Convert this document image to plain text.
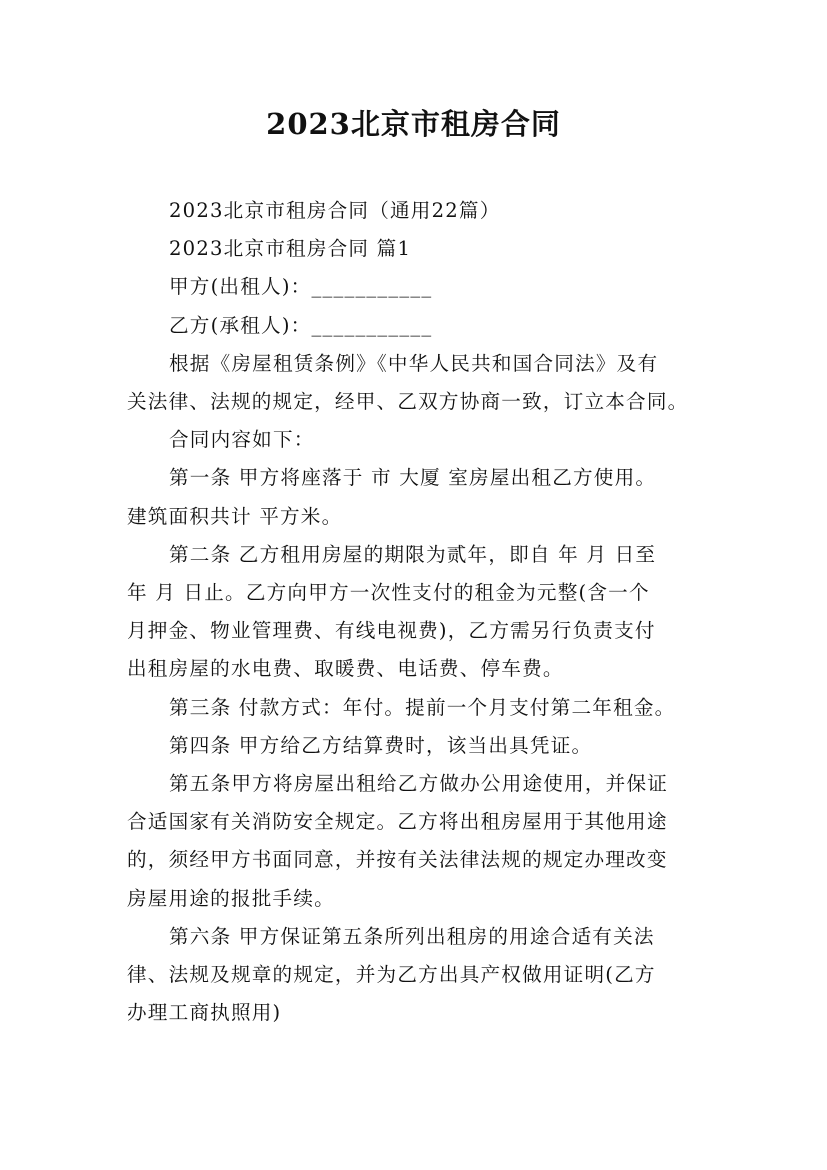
2023北京市租房合同

2023北京市租房合同（通用22篇）

2023北京市租房合同 篇1

甲方(出租人)：___________

乙方(承租人)：___________

根据《房屋租赁条例》《中华人民共和国合同法》及有

关法律、法规的规定，经甲、乙双方协商一致，订立本合同。

合同内容如下：

第一条 甲方将座落于 市 大厦 室房屋出租乙方使用。

建筑面积共计 平方米。

第二条 乙方租用房屋的期限为贰年，即自 年 月 日至

年 月 日止。乙方向甲方一次性支付的租金为元整(含一个

月押金、物业管理费、有线电视费)，乙方需另行负责支付

出租房屋的水电费、取暖费、电话费、停车费。

第三条 付款方式：年付。提前一个月支付第二年租金。

第四条 甲方给乙方结算费时，该当出具凭证。

第五条甲方将房屋出租给乙方做办公用途使用，并保证

合适国家有关消防安全规定。乙方将出租房屋用于其他用途

的，须经甲方书面同意，并按有关法律法规的规定办理改变

房屋用途的报批手续。

第六条 甲方保证第五条所列出租房的用途合适有关法

律、法规及规章的规定，并为乙方出具产权做用证明(乙方

办理工商执照用)
